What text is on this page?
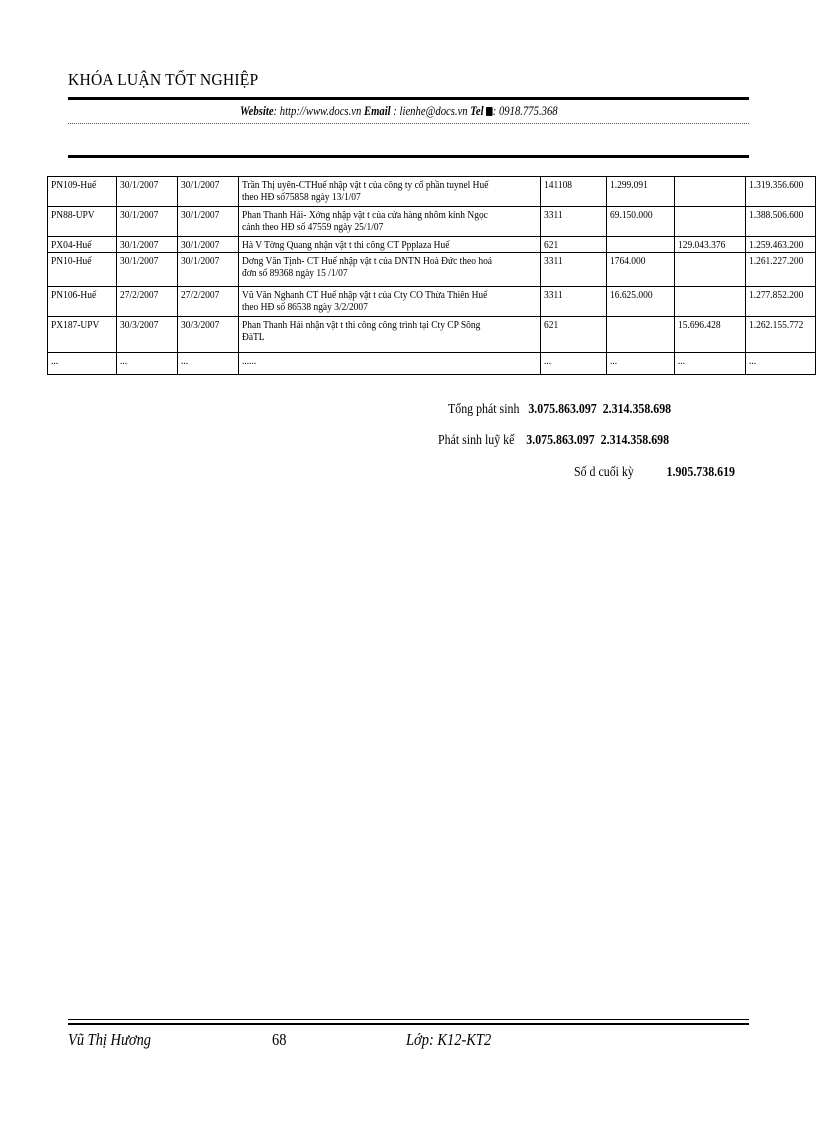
KHÓA LUẬN TỐT NGHIỆP
Website: http://www.docs.vn Email : lienhe@docs.vn Tel : 0918.775.368
PN109-Huế	30/1/2007	30/1/2007	Trần Thị uyên-CTHuế nhập vật t của công ty cổ phần tuynel Huế theo HĐ số75858 ngày 13/1/07	141108	1.299.091		1.319.356.600
PN88-UPV	30/1/2007	30/1/2007	Phan Thanh Hải- Xởng nhập vật t của cửa hàng nhôm kính Ngọc cảnh theo HĐ số 47559 ngày 25/1/07	3311	69.150.000		1.388.506.600
PX04-Huế	30/1/2007	30/1/2007	Hà V Tờng Quang nhận vật t thi công CT Ppplaza Huế	621		129.043.376	1.259.463.200
PN10-Huế	30/1/2007	30/1/2007	Dơng Văn Tịnh- CT Huế nhập vật t của DNTN Hoà Đức theo hoá đơn số 89368 ngày 15 /1/07	3311	1764.000		1.261.227.200
PN106-Huế	27/2/2007	27/2/2007	Vũ Văn Nghanh CT Huế nhập vật t của Cty CO Thừa Thiên Huế theo HĐ số 86538 ngày 3/2/2007	3311	16.625.000		1.277.852.200
PX187-UPV	30/3/2007	30/3/2007	Phan Thanh Hải nhận vật t thi công công trình tại Cty CP Sông ĐàTL	621		15.696.428	1.262.155.772
...	...	...	......	...	...	...	...
Tổng phát sinh 3.075.863.097 2.314.358.698
Phát sinh luỹ kế 3.075.863.097 2.314.358.698
Số d cuối kỳ 1.905.738.619
Vũ Thị Hương	68	Lớp: K12-KT2
